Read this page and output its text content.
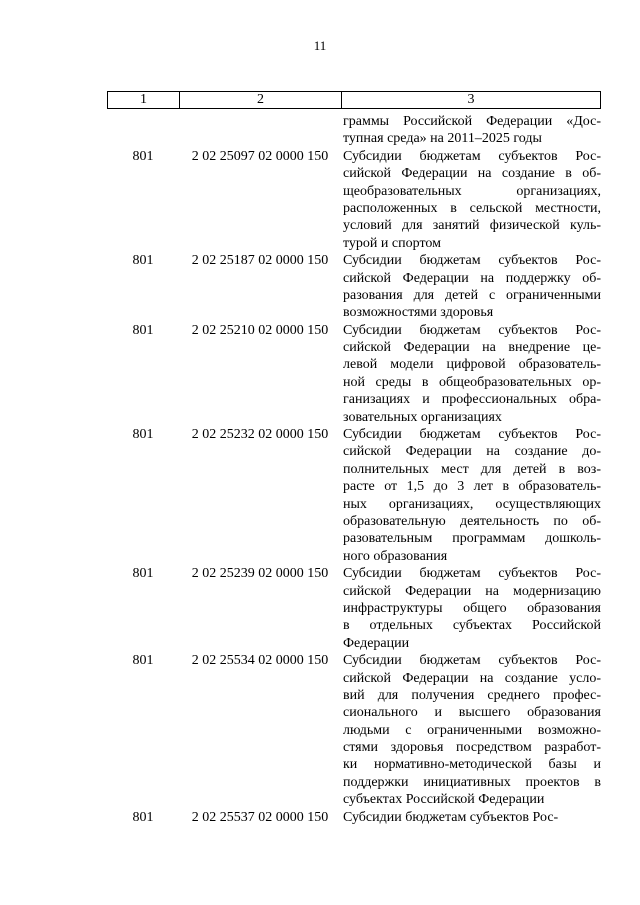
11
1	2	3
граммы Российской Федерации «Дос-
тупная среда» на 2011–2025 годы
801	2 02 25097 02 0000 150	Субсидии бюджетам субъектов Рос-
сийской Федерации на создание в об-
щеобразовательных организациях,
расположенных в сельской местности,
условий для занятий физической куль-
турой и спортом
801	2 02 25187 02 0000 150	Субсидии бюджетам субъектов Рос-
сийской Федерации на поддержку об-
разования для детей с ограниченными
возможностями здоровья
801	2 02 25210 02 0000 150	Субсидии бюджетам субъектов Рос-
сийской Федерации на внедрение це-
левой модели цифровой образователь-
ной среды в общеобразовательных ор-
ганизациях и профессиональных обра-
зовательных организациях
801	2 02 25232 02 0000 150	Субсидии бюджетам субъектов Рос-
сийской Федерации на создание до-
полнительных мест для детей в воз-
расте от 1,5 до 3 лет в образователь-
ных организациях, осуществляющих
образовательную деятельность по об-
разовательным программам дошколь-
ного образования
801	2 02 25239 02 0000 150	Субсидии бюджетам субъектов Рос-
сийской Федерации на модернизацию
инфраструктуры общего образования
в отдельных субъектах Российской
Федерации
801	2 02 25534 02 0000 150	Субсидии бюджетам субъектов Рос-
сийской Федерации на создание усло-
вий для получения среднего профес-
сионального и высшего образования
людьми с ограниченными возможно-
стями здоровья посредством разработ-
ки нормативно-методической базы и
поддержки инициативных проектов в
субъектах Российской Федерации
801	2 02 25537 02 0000 150	Субсидии бюджетам субъектов Рос-
